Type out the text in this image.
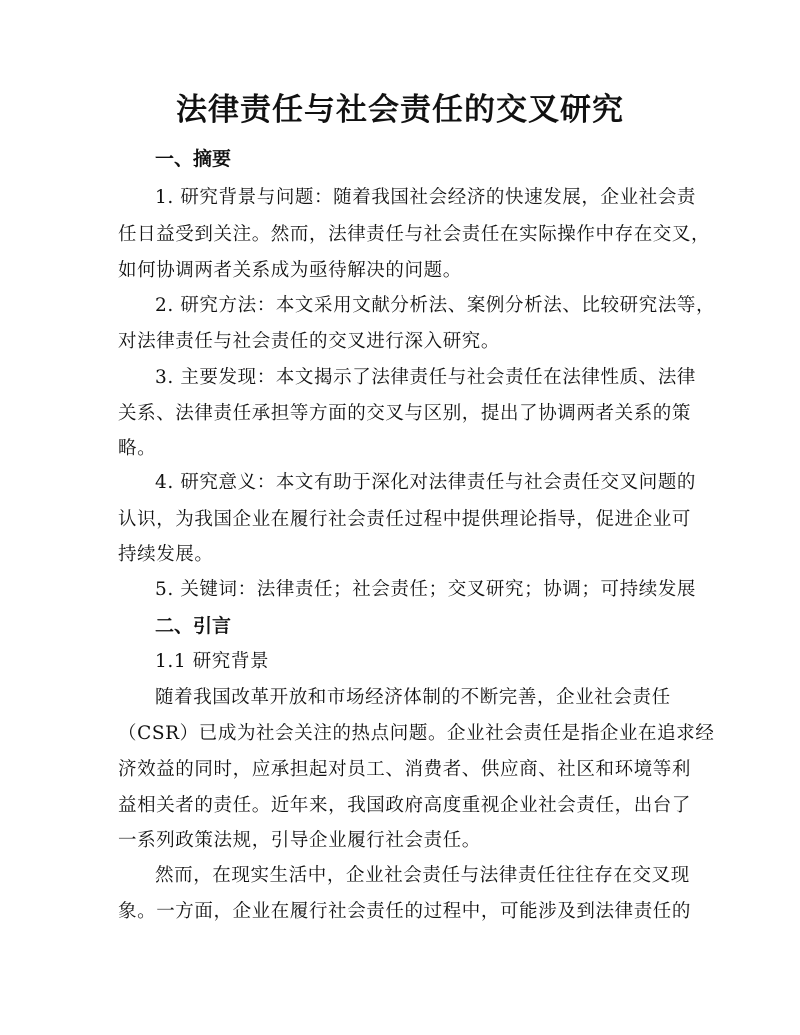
法律责任与社会责任的交叉研究
一、摘要
1. 研究背景与问题：随着我国社会经济的快速发展，企业社会责
任日益受到关注。然而，法律责任与社会责任在实际操作中存在交叉，
如何协调两者关系成为亟待解决的问题。
2. 研究方法：本文采用文献分析法、案例分析法、比较研究法等，
对法律责任与社会责任的交叉进行深入研究。
3. 主要发现：本文揭示了法律责任与社会责任在法律性质、法律
关系、法律责任承担等方面的交叉与区别，提出了协调两者关系的策
略。
4. 研究意义：本文有助于深化对法律责任与社会责任交叉问题的
认识，为我国企业在履行社会责任过程中提供理论指导，促进企业可
持续发展。
5. 关键词：法律责任；社会责任；交叉研究；协调；可持续发展
二、引言
1.1 研究背景
随着我国改革开放和市场经济体制的不断完善，企业社会责任
（CSR）已成为社会关注的热点问题。企业社会责任是指企业在追求经
济效益的同时，应承担起对员工、消费者、供应商、社区和环境等利
益相关者的责任。近年来，我国政府高度重视企业社会责任，出台了
一系列政策法规，引导企业履行社会责任。
然而，在现实生活中，企业社会责任与法律责任往往存在交叉现
象。一方面，企业在履行社会责任的过程中，可能涉及到法律责任的
